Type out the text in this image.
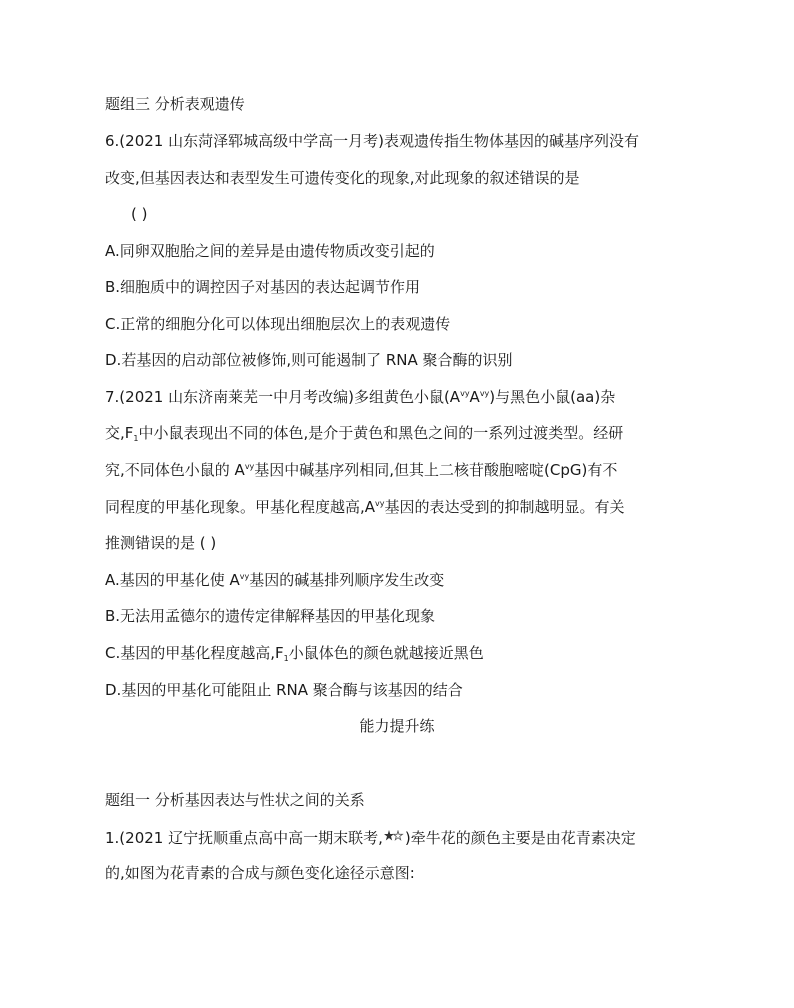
题组三 分析表观遗传
6.(2021 山东菏泽郓城高级中学高一月考)表观遗传指生物体基因的碱基序列没有
改变,但基因表达和表型发生可遗传变化的现象,对此现象的叙述错误的是
( )
A.同卵双胞胎之间的差异是由遗传物质改变引起的
B.细胞质中的调控因子对基因的表达起调节作用
C.正常的细胞分化可以体现出细胞层次上的表观遗传
D.若基因的启动部位被修饰,则可能遏制了 RNA 聚合酶的识别
7.(2021 山东济南莱芜一中月考改编)多组黄色小鼠$(A^{vy}A^{vy})$与黑色小鼠(aa)杂
交$,F_1$中小鼠表现出不同的体色,是介于黄色和黑色之间的一系列过渡类型。经研
究,不同体色小鼠的 $A^{vy}$基因中碱基序列相同,但其上二核苷酸胞嘧啶(CpG)有不
同程度的甲基化现象。甲基化程度越高$,A^{vy}$基因的表达受到的抑制越明显。有关
推测错误的是 ( )
A.基因的甲基化使 $A^{vy}$基因的碱基排列顺序发生改变
B.无法用孟德尔的遗传定律解释基因的甲基化现象
C.基因的甲基化程度越高$,F_1$小鼠体色的颜色就越接近黑色
D.基因的甲基化可能阻止 RNA 聚合酶与该基因的结合
能力提升练
题组一 分析基因表达与性状之间的关系
1.(2021 辽宁抚顺重点高中高一期末联考, )牵牛花的颜色主要是由花青素决定
的,如图为花青素的合成与颜色变化途径示意图:
